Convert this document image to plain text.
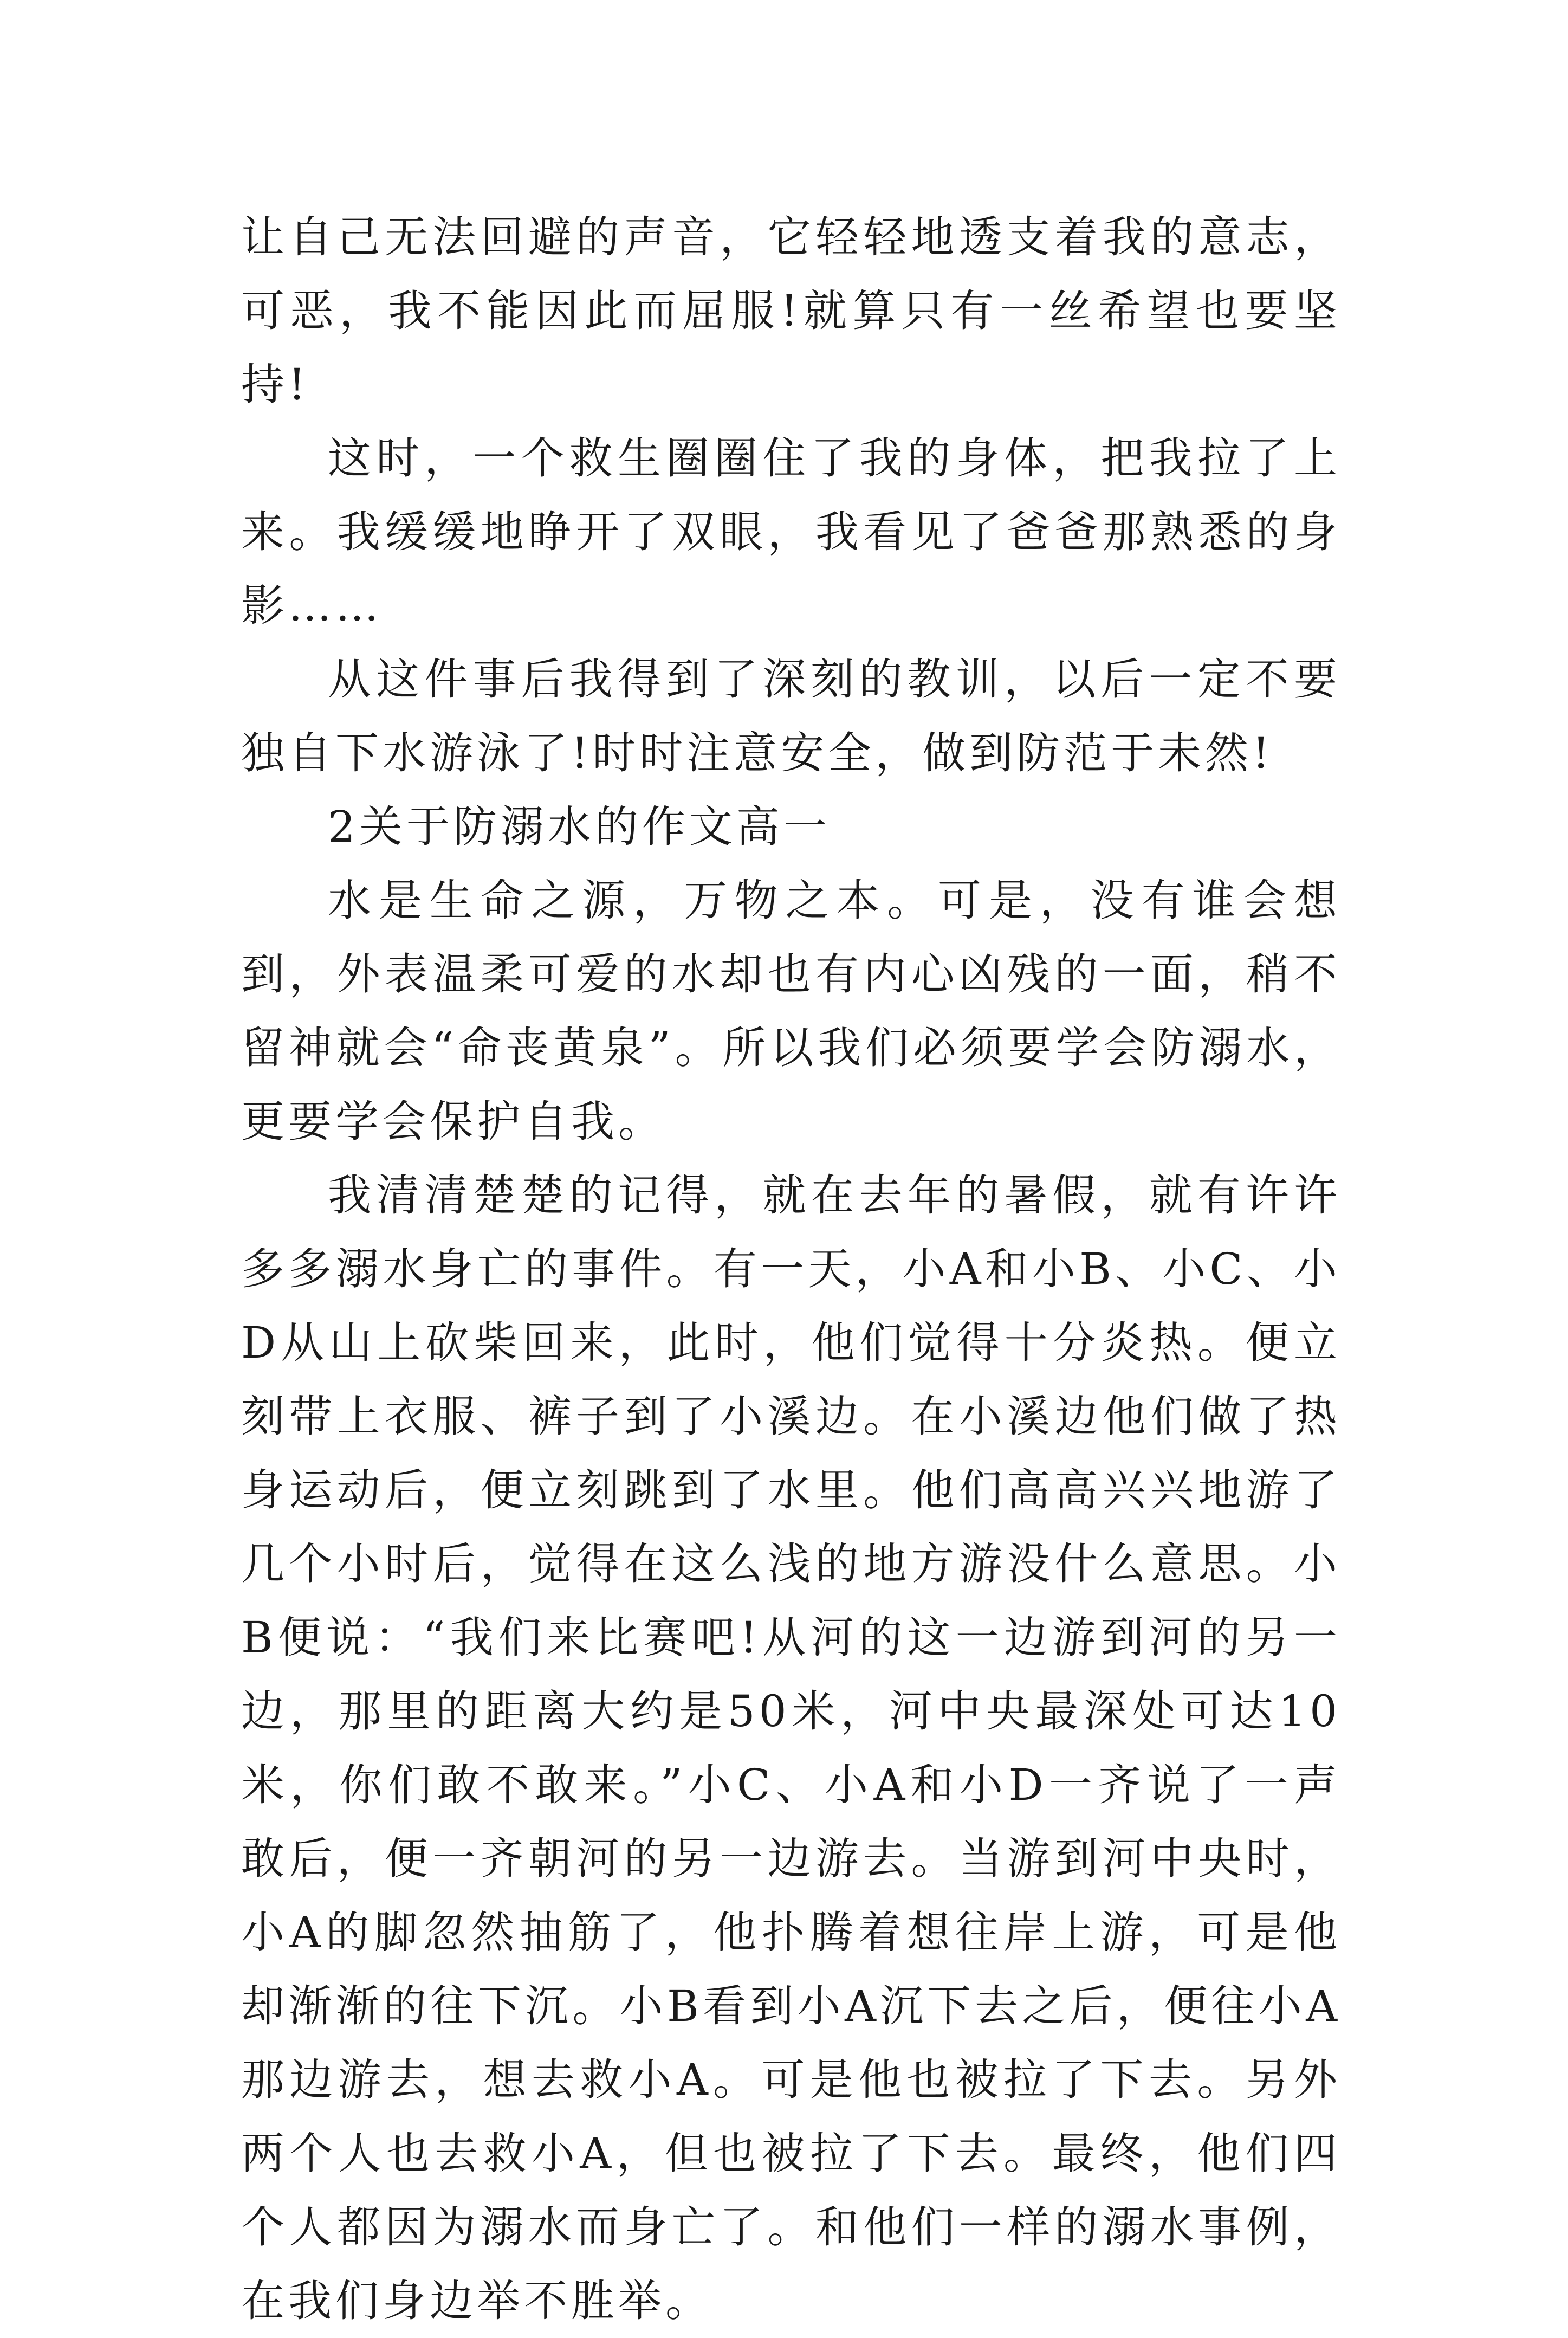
让自己无法回避的声音，它轻轻地透支着我的意志，可恶，我不能因此而屈服!就算只有一丝希望也要坚持!

这时，一个救生圈圈住了我的身体，把我拉了上来。我缓缓地睁开了双眼，我看见了爸爸那熟悉的身影……

从这件事后我得到了深刻的教训，以后一定不要独自下水游泳了!时时注意安全，做到防范于未然!

2关于防溺水的作文高一

水是生命之源，万物之本。可是，没有谁会想到，外表温柔可爱的水却也有内心凶残的一面，稍不留神就会“命丧黄泉”。所以我们必须要学会防溺水，更要学会保护自我。

我清清楚楚的记得，就在去年的暑假，就有许许多多溺水身亡的事件。有一天，小A和小B、小C、小D从山上砍柴回来，此时，他们觉得十分炎热。便立刻带上衣服、裤子到了小溪边。在小溪边他们做了热身运动后，便立刻跳到了水里。他们高高兴兴地游了几个小时后，觉得在这么浅的地方游没什么意思。小B便说：“我们来比赛吧!从河的这一边游到河的另一边，那里的距离大约是50米，河中央最深处可达10米，你们敢不敢来。”小C、小A和小D一齐说了一声敢后，便一齐朝河的另一边游去。当游到河中央时，小A的脚忽然抽筋了，他扑腾着想往岸上游，可是他却渐渐的往下沉。小B看到小A沉下去之后，便往小A那边游去，想去救小A。可是他也被拉了下去。另外两个人也去救小A，但也被拉了下去。最终，他们四个人都因为溺水而身亡了。和他们一样的溺水事例，在我们身边举不胜举。
